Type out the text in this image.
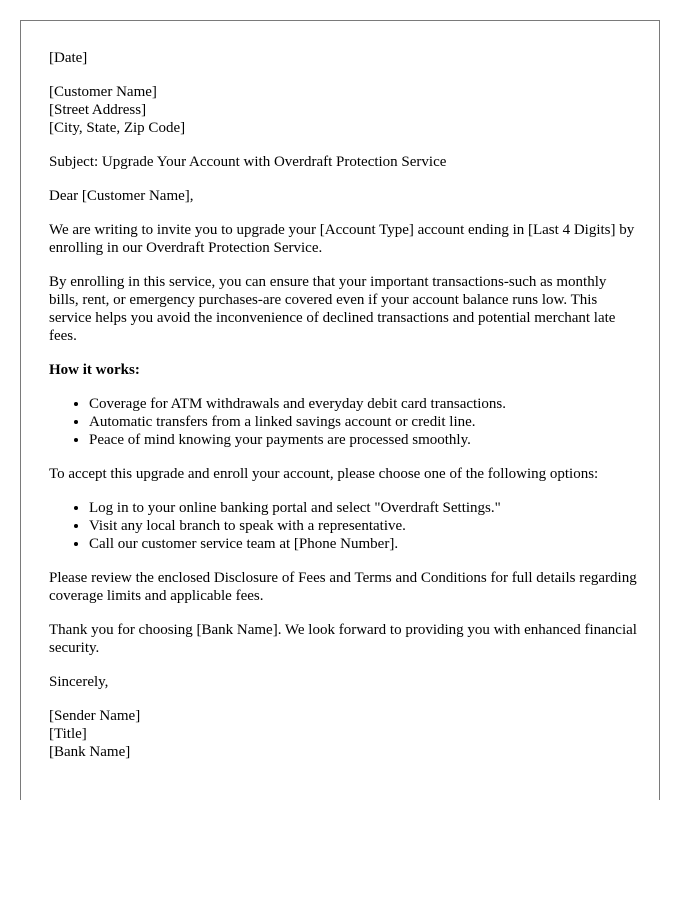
[Date]

[Customer Name]
[Street Address]
[City, State, Zip Code]

Subject: Upgrade Your Account with Overdraft Protection Service

Dear [Customer Name],

We are writing to invite you to upgrade your [Account Type] account ending in [Last 4 Digits] by enrolling in our Overdraft Protection Service.

By enrolling in this service, you can ensure that your important transactions-such as monthly bills, rent, or emergency purchases-are covered even if your account balance runs low. This service helps you avoid the inconvenience of declined transactions and potential merchant late fees.

How it works:

• Coverage for ATM withdrawals and everyday debit card transactions.
• Automatic transfers from a linked savings account or credit line.
• Peace of mind knowing your payments are processed smoothly.

To accept this upgrade and enroll your account, please choose one of the following options:

• Log in to your online banking portal and select "Overdraft Settings."
• Visit any local branch to speak with a representative.
• Call our customer service team at [Phone Number].

Please review the enclosed Disclosure of Fees and Terms and Conditions for full details regarding coverage limits and applicable fees.

Thank you for choosing [Bank Name]. We look forward to providing you with enhanced financial security.

Sincerely,

[Sender Name]
[Title]
[Bank Name]
